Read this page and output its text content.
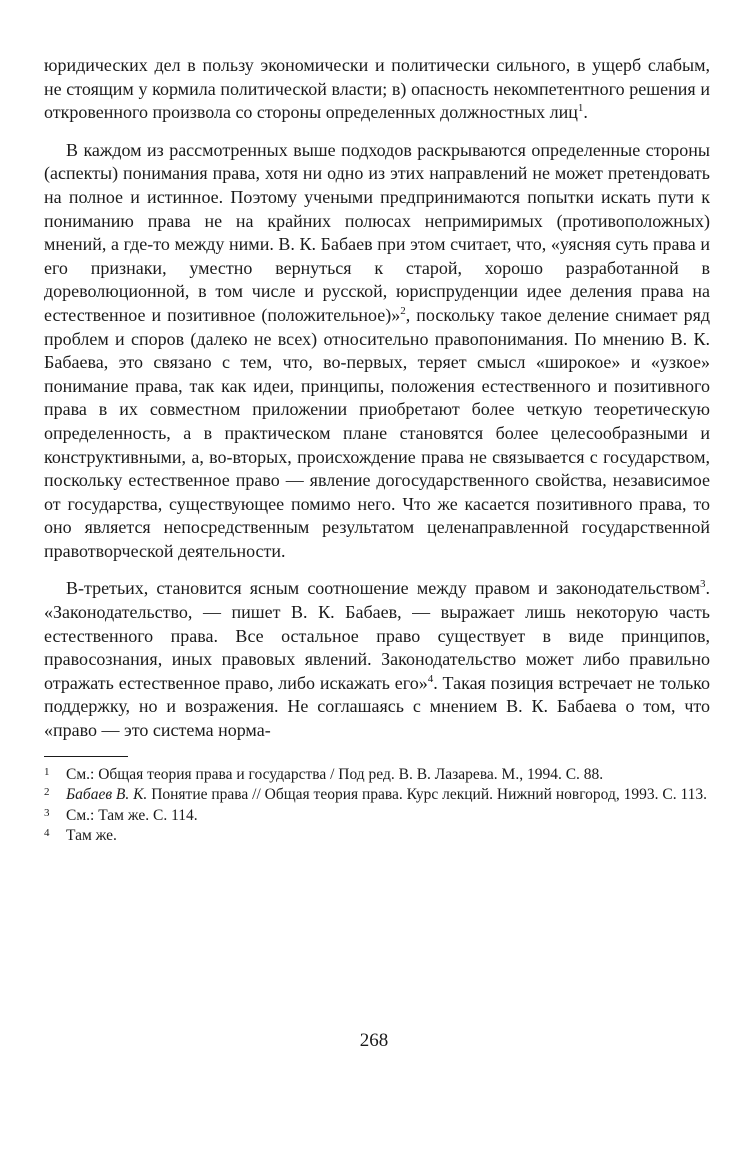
юридических дел в пользу экономически и политически сильного, в ущерб слабым, не стоящим у кормила политической власти; в) опасность некомпетентного решения и откровенного произвола со стороны определенных должностных лиц$^1$.

В каждом из рассмотренных выше подходов раскрываются определенные стороны (аспекты) понимания права, хотя ни одно из этих направлений не может претендовать на полное и истинное. Поэтому учеными предпринимаются попытки искать пути к пониманию права не на крайних полюсах непримиримых (противоположных) мнений, а где-то между ними. В. К. Бабаев при этом считает, что, «уясняя суть права и его признаки, уместно вернуться к старой, хорошо разработанной в дореволюционной, в том числе и русской, юриспруденции идее деления права на естественное и позитивное (положительное)»$^2$, поскольку такое деление снимает ряд проблем и споров (далеко не всех) относительно правопонимания. По мнению В. К. Бабаева, это связано с тем, что, во-первых, теряет смысл «широкое» и «узкое» понимание права, так как идеи, принципы, положения естественного и позитивного права в их совместном приложении приобретают более четкую теоретическую определенность, а в практическом плане становятся более целесообразными и конструктивными, а, во-вторых, происхождение права не связывается с государством, поскольку естественное право — явление догосударственного свойства, независимое от государства, существующее помимо него. Что же касается позитивного права, то оно является непосредственным результатом целенаправленной государственной правотворческой деятельности.

В-третьих, становится ясным соотношение между правом и законодательством$^3$. «Законодательство, — пишет В. К. Бабаев, — выражает лишь некоторую часть естественного права. Все остальное право существует в виде принципов, правосознания, иных правовых явлений. Законодательство может либо правильно отражать естественное право, либо искажать его»$^4$. Такая позиция встречает не только поддержку, но и возражения. Не соглашаясь с мнением В. К. Бабаева о том, что «право — это система норма-

1 См.: Общая теория права и государства / Под ред. В. В. Лазарева. М., 1994. С. 88.
2 Бабаев В. К. Понятие права // Общая теория права. Курс лекций. Нижний новгород, 1993. С. 113.
3 См.: Там же. С. 114.
4 Там же.
268
